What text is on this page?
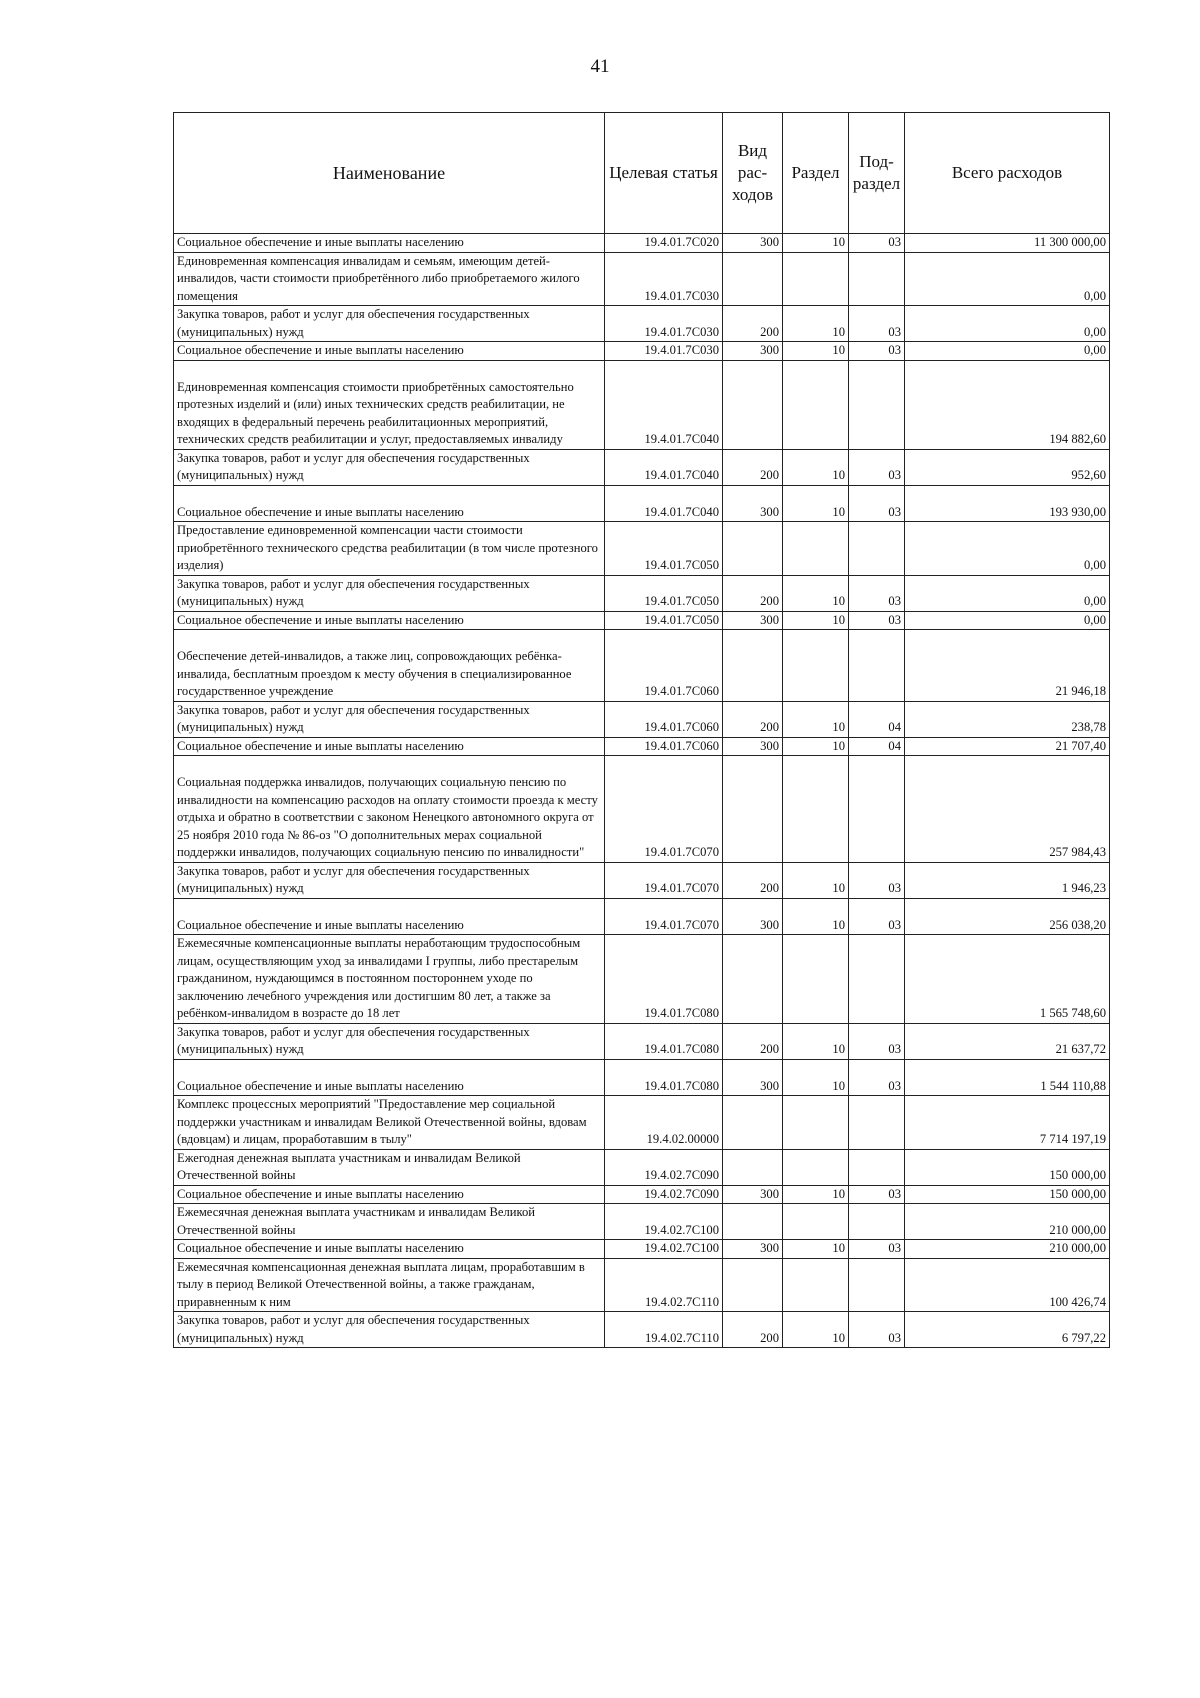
41
Наименование	Целевая статья	Вид рас-ходов	Раздел	Под-раздел	Всего расходов
Социальное обеспечение и иные выплаты населению	19.4.01.7С020	300	10	03	11 300 000,00
Единовременная компенсация инвалидам и семьям, имеющим детей-инвалидов, части стоимости приобретённого либо приобретаемого жилого помещения	19.4.01.7С030				0,00
Закупка товаров, работ и услуг для обеспечения государственных (муниципальных) нужд	19.4.01.7С030	200	10	03	0,00
Социальное обеспечение и иные выплаты населению	19.4.01.7С030	300	10	03	0,00
Единовременная компенсация стоимости приобретённых самостоятельно протезных изделий и (или) иных технических средств реабилитации, не входящих в федеральный перечень реабилитационных мероприятий, технических средств реабилитации и услуг, предоставляемых инвалиду	19.4.01.7С040				194 882,60
Закупка товаров, работ и услуг для обеспечения государственных (муниципальных) нужд	19.4.01.7С040	200	10	03	952,60
Социальное обеспечение и иные выплаты населению	19.4.01.7С040	300	10	03	193 930,00
Предоставление единовременной компенсации части стоимости приобретённого технического средства реабилитации (в том числе протезного изделия)	19.4.01.7С050				0,00
Закупка товаров, работ и услуг для обеспечения государственных (муниципальных) нужд	19.4.01.7С050	200	10	03	0,00
Социальное обеспечение и иные выплаты населению	19.4.01.7С050	300	10	03	0,00
Обеспечение детей-инвалидов, а также лиц, сопровождающих ребёнка-инвалида, бесплатным проездом к месту обучения в специализированное государственное учреждение	19.4.01.7С060				21 946,18
Закупка товаров, работ и услуг для обеспечения государственных (муниципальных) нужд	19.4.01.7С060	200	10	04	238,78
Социальное обеспечение и иные выплаты населению	19.4.01.7С060	300	10	04	21 707,40
Социальная поддержка инвалидов, получающих социальную пенсию по инвалидности на компенсацию расходов на оплату стоимости проезда к месту отдыха и обратно в соответствии с законом Ненецкого автономного округа от 25 ноября 2010 года № 86-оз "О дополнительных мерах социальной поддержки инвалидов, получающих социальную пенсию по инвалидности"	19.4.01.7С070				257 984,43
Закупка товаров, работ и услуг для обеспечения государственных (муниципальных) нужд	19.4.01.7С070	200	10	03	1 946,23
Социальное обеспечение и иные выплаты населению	19.4.01.7С070	300	10	03	256 038,20
Ежемесячные компенсационные выплаты неработающим трудоспособным лицам, осуществляющим уход за инвалидами I группы, либо престарелым гражданином, нуждающимся в постоянном постороннем уходе по заключению лечебного учреждения или достигшим 80 лет, а также за ребёнком-инвалидом в возрасте до 18 лет	19.4.01.7С080				1 565 748,60
Закупка товаров, работ и услуг для обеспечения государственных (муниципальных) нужд	19.4.01.7С080	200	10	03	21 637,72
Социальное обеспечение и иные выплаты населению	19.4.01.7С080	300	10	03	1 544 110,88
Комплекс процессных мероприятий "Предоставление мер социальной поддержки участникам и инвалидам Великой Отечественной войны, вдовам (вдовцам) и лицам, проработавшим в тылу"	19.4.02.00000				7 714 197,19
Ежегодная денежная выплата участникам и инвалидам Великой Отечественной войны	19.4.02.7С090				150 000,00
Социальное обеспечение и иные выплаты населению	19.4.02.7С090	300	10	03	150 000,00
Ежемесячная денежная выплата участникам и инвалидам Великой Отечественной войны	19.4.02.7С100				210 000,00
Социальное обеспечение и иные выплаты населению	19.4.02.7С100	300	10	03	210 000,00
Ежемесячная компенсационная денежная выплата лицам, проработавшим в тылу в период Великой Отечественной войны, а также гражданам, приравненным к ним	19.4.02.7С110				100 426,74
Закупка товаров, работ и услуг для обеспечения государственных (муниципальных) нужд	19.4.02.7С110	200	10	03	6 797,22
